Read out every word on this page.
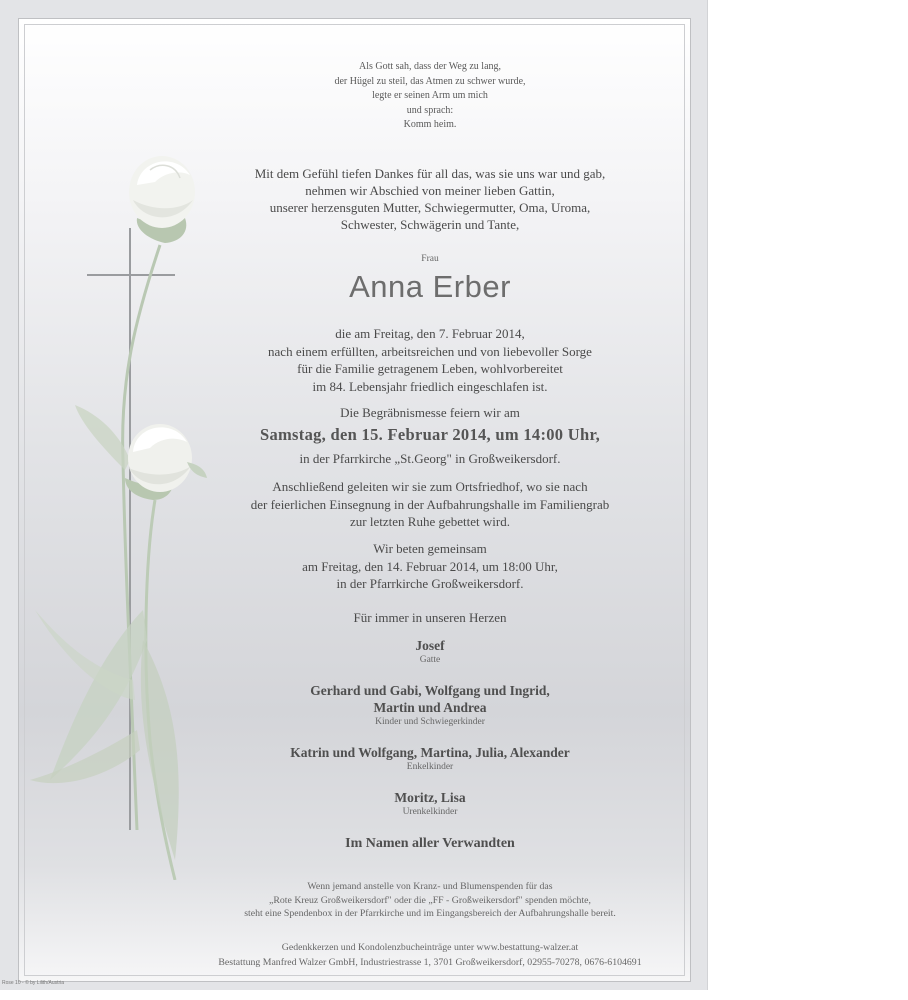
Als Gott sah, dass der Weg zu lang,
der Hügel zu steil, das Atmen zu schwer wurde,
legte er seinen Arm um mich
und sprach:
Komm heim.
Mit dem Gefühl tiefen Dankes für all das, was sie uns war und gab,
nehmen wir Abschied von meiner lieben Gattin,
unserer herzensguten Mutter, Schwiegermutter, Oma, Uroma,
Schwester, Schwägerin und Tante,
Frau
Anna Erber
die am Freitag, den 7. Februar 2014,
nach einem erfüllten, arbeitsreichen und von liebevoller Sorge
für die Familie getragenem Leben, wohlvorbereitet
im 84. Lebensjahr friedlich eingeschlafen ist.
Die Begräbnismesse feiern wir am
Samstag, den 15. Februar 2014, um 14:00 Uhr,
in der Pfarrkirche „St.Georg" in Großweikersdorf.
Anschließend geleiten wir sie zum Ortsfriedhof, wo sie nach
der feierlichen Einsegnung in der Aufbahrungshalle im Familiengrab
zur letzten Ruhe gebettet wird.
Wir beten gemeinsam
am Freitag, den 14. Februar 2014, um 18:00 Uhr,
in der Pfarrkirche Großweikersdorf.
Für immer in unseren Herzen
Josef
Gatte
Gerhard und Gabi, Wolfgang und Ingrid,
Martin und Andrea
Kinder und Schwiegerkinder
Katrin und Wolfgang, Martina, Julia, Alexander
Enkelkinder
Moritz, Lisa
Urenkelkinder
Im Namen aller Verwandten
Wenn jemand anstelle von Kranz- und Blumenspenden für das
„Rote Kreuz Großweikersdorf" oder die „FF - Großweikersdorf" spenden möchte,
steht eine Spendenbox in der Pfarrkirche und im Eingangsbereich der Aufbahrungshalle bereit.
Gedenkkerzen und Kondolenzbucheinträge unter www.bestattung-walzer.at
Bestattung Manfred Walzer GmbH, Industriestrasse 1, 3701 Großweikersdorf, 02955-70278, 0676-6104691
Rose 10 - © by Lilith/Austria
